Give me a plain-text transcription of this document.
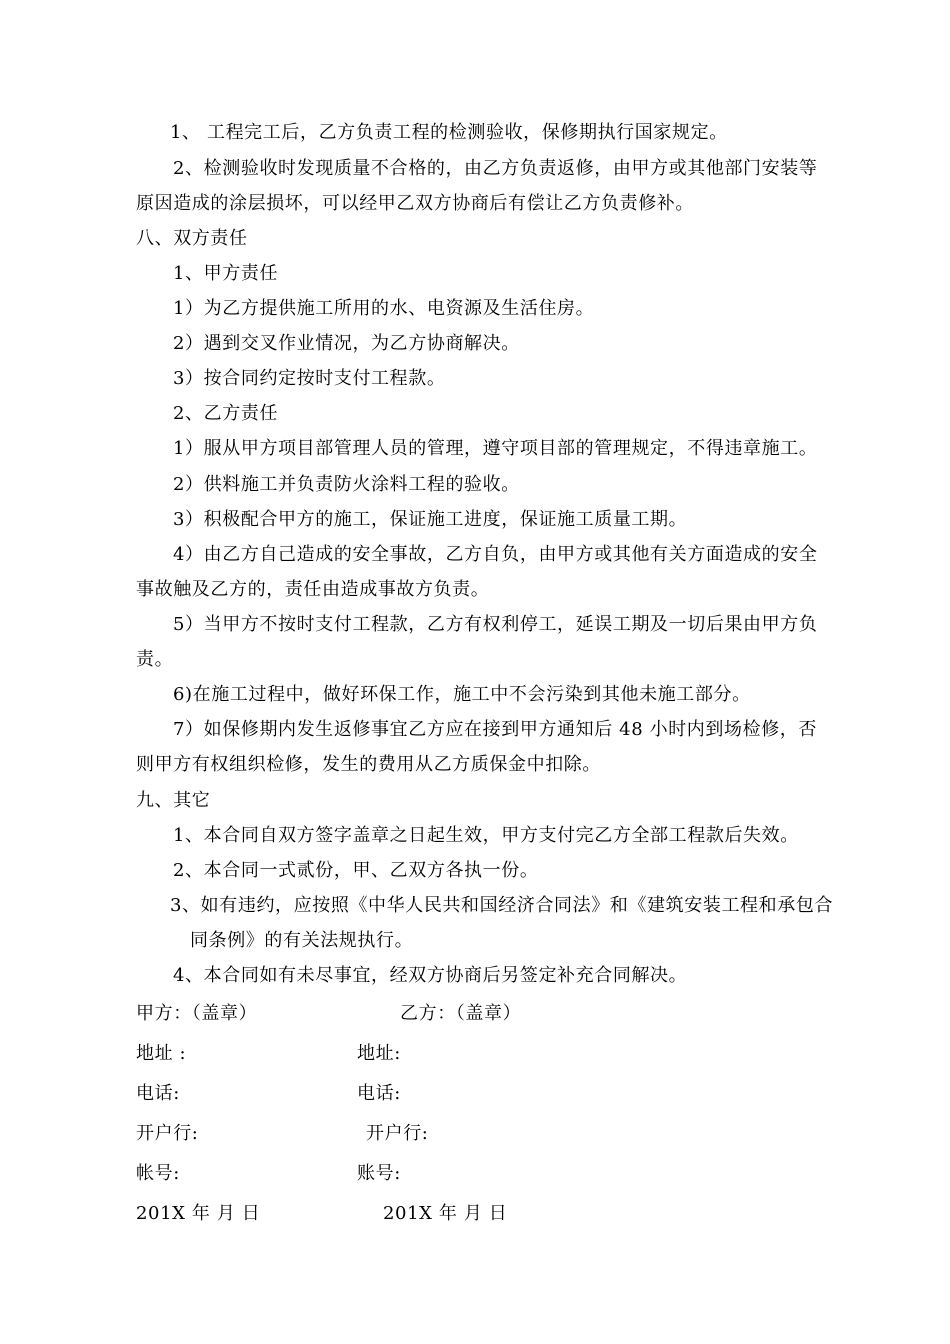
1、 工程完工后，乙方负责工程的检测验收，保修期执行国家规定。
2、检测验收时发现质量不合格的，由乙方负责返修，由甲方或其他部门安装等
原因造成的涂层损坏，可以经甲乙双方协商后有偿让乙方负责修补。
八、双方责任
1、甲方责任
1）为乙方提供施工所用的水、电资源及生活住房。
2）遇到交叉作业情况，为乙方协商解决。
3）按合同约定按时支付工程款。
2、乙方责任
1）服从甲方项目部管理人员的管理，遵守项目部的管理规定，不得违章施工。
2）供料施工并负责防火涂料工程的验收。
3）积极配合甲方的施工，保证施工进度，保证施工质量工期。
4）由乙方自己造成的安全事故，乙方自负，由甲方或其他有关方面造成的安全
事故触及乙方的，责任由造成事故方负责。
5）当甲方不按时支付工程款，乙方有权利停工，延误工期及一切后果由甲方负
责。
6)在施工过程中，做好环保工作，施工中不会污染到其他未施工部分。
7）如保修期内发生返修事宜乙方应在接到甲方通知后 48 小时内到场检修，否
则甲方有权组织检修，发生的费用从乙方质保金中扣除。
九、其它
1、本合同自双方签字盖章之日起生效，甲方支付完乙方全部工程款后失效。
2、本合同一式贰份，甲、乙双方各执一份。
3、如有违约，应按照《中华人民共和国经济合同法》和《建筑安装工程和承包合
同条例》的有关法规执行。
4、本合同如有未尽事宜，经双方协商后另签定补充合同解决。
甲方：（盖章）	乙方：（盖章）
地址 :	地址:
电话:	电话:
开户行:	开户行:
帐号:	账号:
201X 年 月 日	201X 年 月 日
